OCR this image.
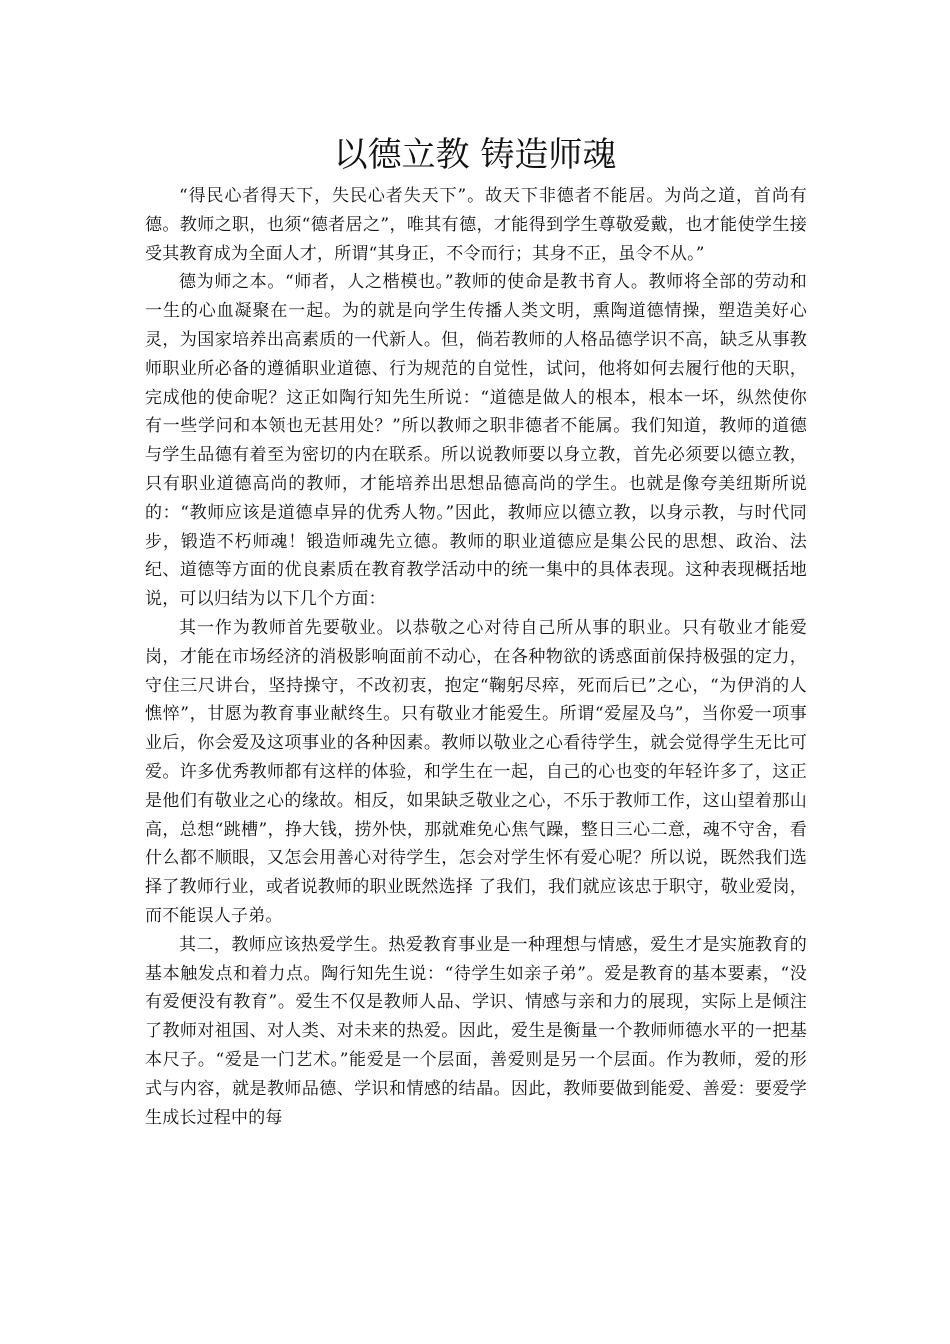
以德立教 铸造师魂

“得民心者得天下，失民心者失天下”。故天下非德者不能居。为尚之道，首尚有德。教师之职，也须“德者居之”，唯其有德，才能得到学生尊敬爱戴，也才能使学生接受其教育成为全面人才，所谓“其身正，不令而行；其身不正，虽令不从。”

德为师之本。“师者，人之楷模也。”教师的使命是教书育人。教师将全部的劳动和一生的心血凝聚在一起。为的就是向学生传播人类文明，熏陶道德情操，塑造美好心灵，为国家培养出高素质的一代新人。但，倘若教师的人格品德学识不高，缺乏从事教师职业所必备的遵循职业道德、行为规范的自觉性，试问，他将如何去履行他的天职，完成他的使命呢？这正如陶行知先生所说：“道德是做人的根本，根本一坏，纵然使你有一些学问和本领也无甚用处？”所以教师之职非德者不能属。我们知道，教师的道德与学生品德有着至为密切的内在联系。所以说教师要以身立教，首先必须要以德立教，只有职业道德高尚的教师，才能培养出思想品德高尚的学生。也就是像夸美纽斯所说的：“教师应该是道德卓异的优秀人物。”因此，教师应以德立教，以身示教，与时代同步，锻造不朽师魂！锻造师魂先立德。教师的职业道德应是集公民的思想、政治、法纪、道德等方面的优良素质在教育教学活动中的统一集中的具体表现。这种表现概括地说，可以归结为以下几个方面：

其一作为教师首先要敬业。以恭敬之心对待自己所从事的职业。只有敬业才能爱岗，才能在市场经济的消极影响面前不动心，在各种物欲的诱惑面前保持极强的定力，守住三尺讲台，坚持操守，不改初衷，抱定“鞠躬尽瘁，死而后已”之心，“为伊消的人憔悴”，甘愿为教育事业献终生。只有敬业才能爱生。所谓“爱屋及乌”，当你爱一项事业后，你会爱及这项事业的各种因素。教师以敬业之心看待学生，就会觉得学生无比可爱。许多优秀教师都有这样的体验，和学生在一起，自己的心也变的年轻许多了，这正是他们有敬业之心的缘故。相反，如果缺乏敬业之心，不乐于教师工作，这山望着那山高，总想“跳槽”，挣大钱，捞外快，那就难免心焦气躁，整日三心二意，魂不守舍，看什么都不顺眼，又怎会用善心对待学生，怎会对学生怀有爱心呢？所以说，既然我们选择了教师行业，或者说教师的职业既然选择 了我们，我们就应该忠于职守，敬业爱岗，而不能误人子弟。

其二，教师应该热爱学生。热爱教育事业是一种理想与情感，爱生才是实施教育的基本触发点和着力点。陶行知先生说：“待学生如亲子弟”。爱是教育的基本要素，“没有爱便没有教育”。爱生不仅是教师人品、学识、情感与亲和力的展现，实际上是倾注了教师对祖国、对人类、对未来的热爱。因此，爱生是衡量一个教师师德水平的一把基本尺子。“爱是一门艺术。”能爱是一个层面，善爱则是另一个层面。作为教师，爱的形式与内容，就是教师品德、学识和情感的结晶。因此，教师要做到能爱、善爱：要爱学生成长过程中的每
